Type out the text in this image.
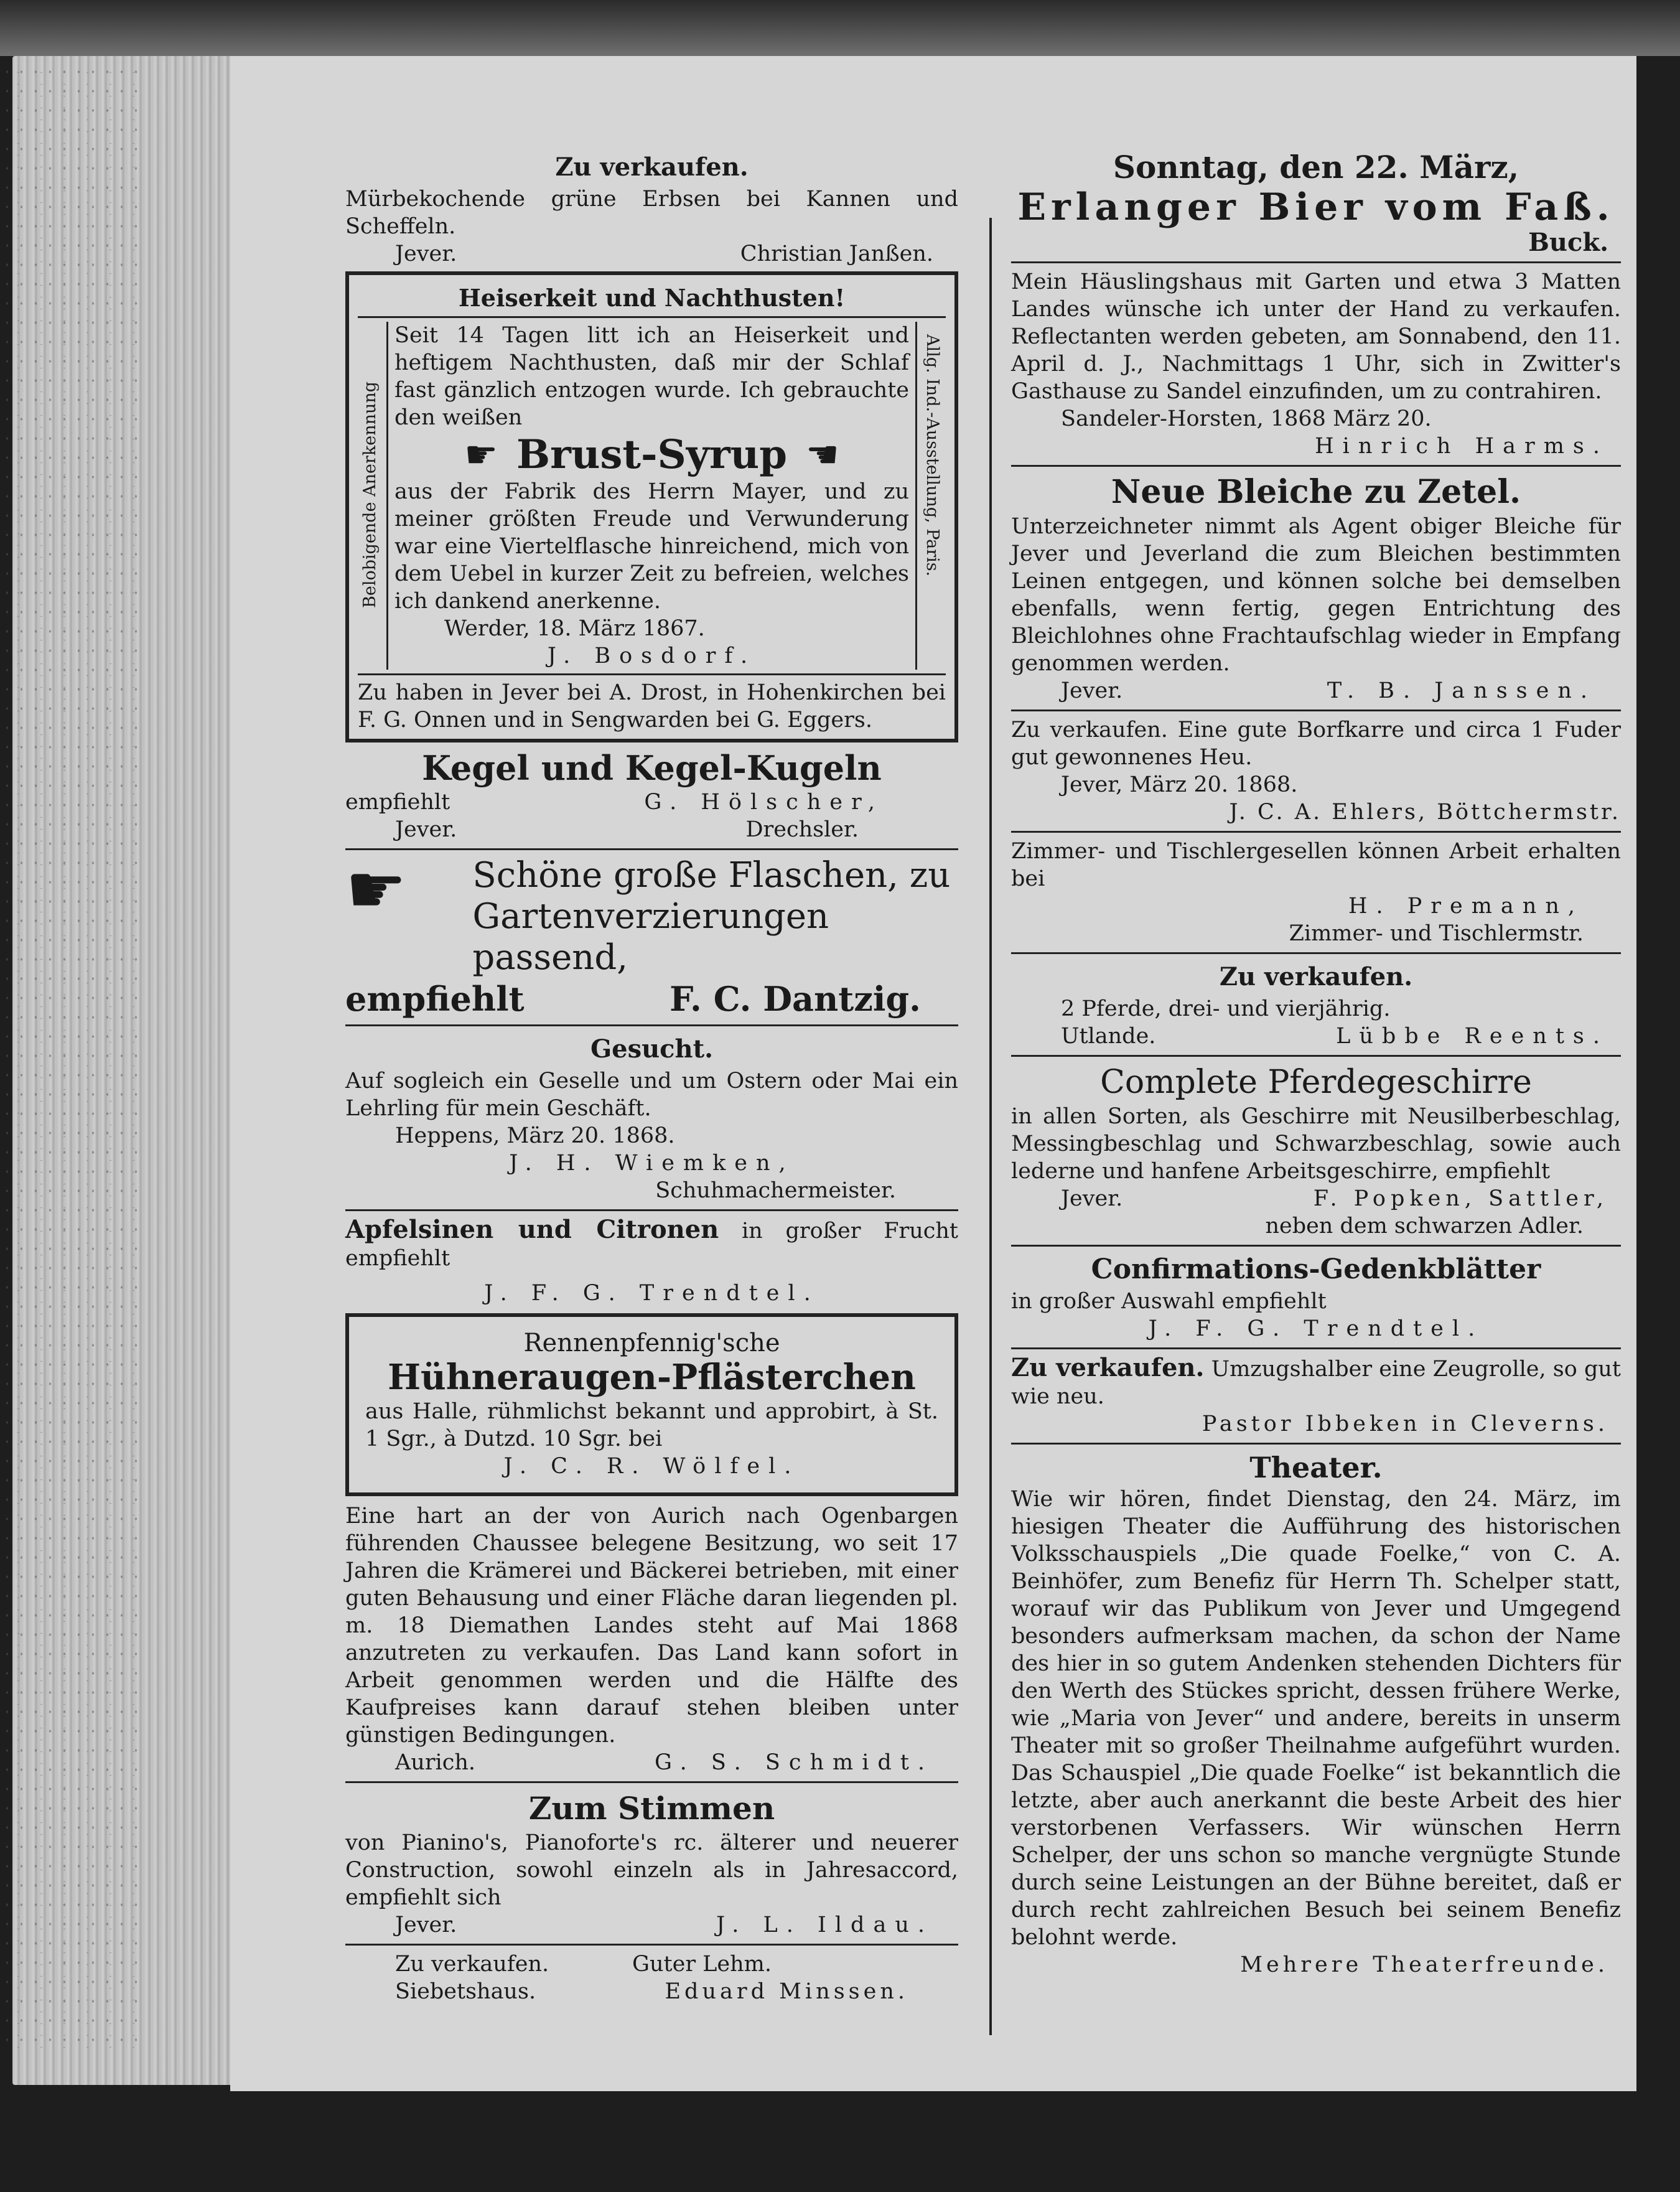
Zu verkaufen.

Mürbekochende grüne Erbsen bei Kannen und Scheffeln.

Jever.	Christian Janßen.

Heiserkeit und Nachthusten!

Belobigende Anerkennung

Seit 14 Tagen litt ich an Heiserkeit und heftigem Nachthusten, daß mir der Schlaf fast gänzlich entzogen wurde. Ich gebrauchte den weißen

☛ Brust-Syrup ☛

aus der Fabrik des Herrn Mayer, und zu meiner größten Freude und Verwunderung war eine Viertelflasche hinreichend, mich von dem Uebel in kurzer Zeit zu befreien, welches ich dankend anerkenne.

Werder, 18. März 1867.

J. Bosdorf.

Allg. Ind.-Ausstellung, Paris.

Zu haben in Jever bei A. Drost, in Hohenkirchen bei F. G. Onnen und in Sengwarden bei G. Eggers.

Kegel und Kegel-Kugeln

empfiehlt	G. Hölscher,
Jever.	Drechsler.
☛	Schöne große Flaschen, zu

Gartenverzierungen passend,

empfiehlt	F. C. Dantzig.

Gesucht.

Auf sogleich ein Geselle und um Ostern oder Mai ein Lehrling für mein Geschäft.

Heppens, März 20. 1868.

J. H. Wiemken,

Schuhmachermeister.

Apfelsinen und Citronen in großer Frucht empfiehlt

J. F. G. Trendtel.

Rennenpfennig'sche

Hühneraugen-Pflästerchen

aus Halle, rühmlichst bekannt und approbirt, à St. 1 Sgr., à Dutzd. 10 Sgr. bei

J. C. R. Wölfel.

Eine hart an der von Aurich nach Ogenbargen führenden Chaussee belegene Besitzung, wo seit 17 Jahren die Krämerei und Bäckerei betrieben, mit einer guten Behausung und einer Fläche daran liegenden pl. m. 18 Diemathen Landes steht auf Mai 1868 anzutreten zu verkaufen. Das Land kann sofort in Arbeit genommen werden und die Hälfte des Kaufpreises kann darauf stehen bleiben unter günstigen Bedingungen.

Aurich.	G. S. Schmidt.

Zum Stimmen

von Pianino's, Pianoforte's rc. älterer und neuerer Construction, sowohl einzeln als in Jahresaccord, empfiehlt sich

Jever.	J. L. Ildau.
Zu verkaufen.	Guter Lehm.
Siebetshaus.	Eduard Minssen.

Sonntag, den 22. März,

Erlanger Bier vom Faß.

Buck.

Mein Häuslingshaus mit Garten und etwa 3 Matten Landes wünsche ich unter der Hand zu verkaufen. Reflectanten werden gebeten, am Sonnabend, den 11. April d. J., Nachmittags 1 Uhr, sich in Zwitter's Gasthause zu Sandel einzufinden, um zu contrahiren.

Sandeler-Horsten, 1868 März 20.

Hinrich Harms.

Neue Bleiche zu Zetel.

Unterzeichneter nimmt als Agent obiger Bleiche für Jever und Jeverland die zum Bleichen bestimmten Leinen entgegen, und können solche bei demselben ebenfalls, wenn fertig, gegen Entrichtung des Bleichlohnes ohne Frachtaufschlag wieder in Empfang genommen werden.

Jever.	T. B. Janssen.

Zu verkaufen. Eine gute Borfkarre und circa 1 Fuder gut gewonnenes Heu.

Jever, März 20. 1868.

J. C. A. Ehlers, Böttchermstr.

Zimmer- und Tischlergesellen können Arbeit erhalten bei

H. Premann,

Zimmer- und Tischlermstr.

Zu verkaufen.

2 Pferde, drei- und vierjährig.

Utlande.	Lübbe Reents.

Complete Pferdegeschirre

in allen Sorten, als Geschirre mit Neusilberbeschlag, Messingbeschlag und Schwarzbeschlag, sowie auch lederne und hanfene Arbeitsgeschirre, empfiehlt

Jever.	F. Popken, Sattler,

neben dem schwarzen Adler.

Confirmations-Gedenkblätter

in großer Auswahl empfiehlt

J. F. G. Trendtel.

Zu verkaufen. Umzugshalber eine Zeugrolle, so gut wie neu.

Pastor Ibbeken in Cleverns.

Theater.

Wie wir hören, findet Dienstag, den 24. März, im hiesigen Theater die Aufführung des historischen Volksschauspiels „Die quade Foelke,“ von C. A. Beinhöfer, zum Benefiz für Herrn Th. Schelper statt, worauf wir das Publikum von Jever und Umgegend besonders aufmerksam machen, da schon der Name des hier in so gutem Andenken stehenden Dichters für den Werth des Stückes spricht, dessen frühere Werke, wie „Maria von Jever“ und andere, bereits in unserm Theater mit so großer Theilnahme aufgeführt wurden. Das Schauspiel „Die quade Foelke“ ist bekanntlich die letzte, aber auch anerkannt die beste Arbeit des hier verstorbenen Verfassers. Wir wünschen Herrn Schelper, der uns schon so manche vergnügte Stunde durch seine Leistungen an der Bühne bereitet, daß er durch recht zahlreichen Besuch bei seinem Benefiz belohnt werde.

Mehrere Theaterfreunde.
